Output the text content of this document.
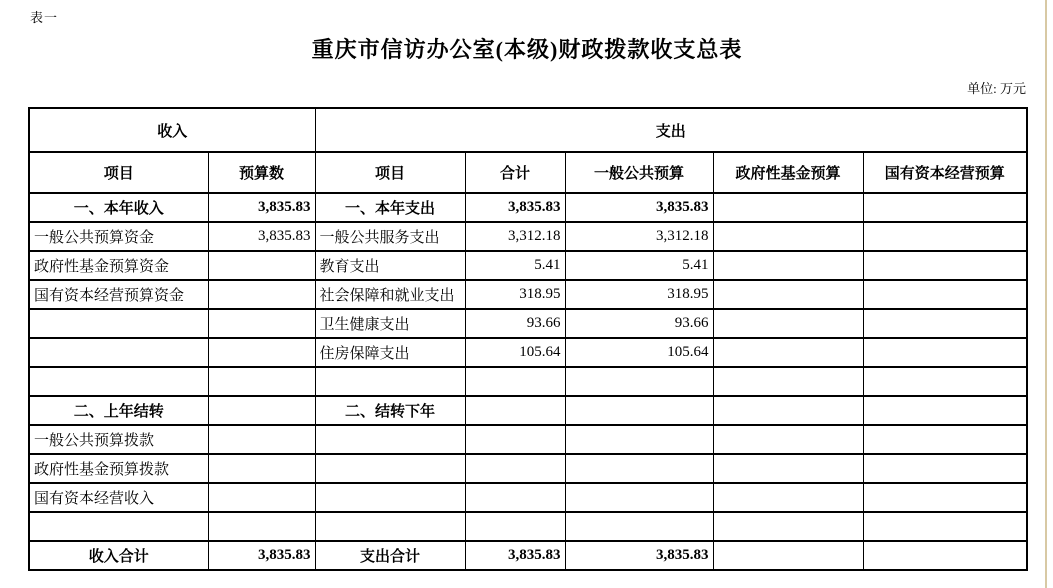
表一
重庆市信访办公室(本级)财政拨款收支总表
单位: 万元
收入		支出				
项目	预算数	项目	合计	一般公共预算	政府性基金预算	国有资本经营预算
一、本年收入	3,835.83	一、本年支出	3,835.83	3,835.83		
一般公共预算资金	3,835.83	一般公共服务支出	3,312.18	3,312.18		
政府性基金预算资金		教育支出	5.41	5.41		
国有资本经营预算资金		社会保障和就业支出	318.95	318.95		
		卫生健康支出	93.66	93.66		
		住房保障支出	105.64	105.64		

二、上年结转		二、结转下年				
一般公共预算拨款						
政府性基金预算拨款						
国有资本经营收入						

收入合计	3,835.83	支出合计	3,835.83	3,835.83		
